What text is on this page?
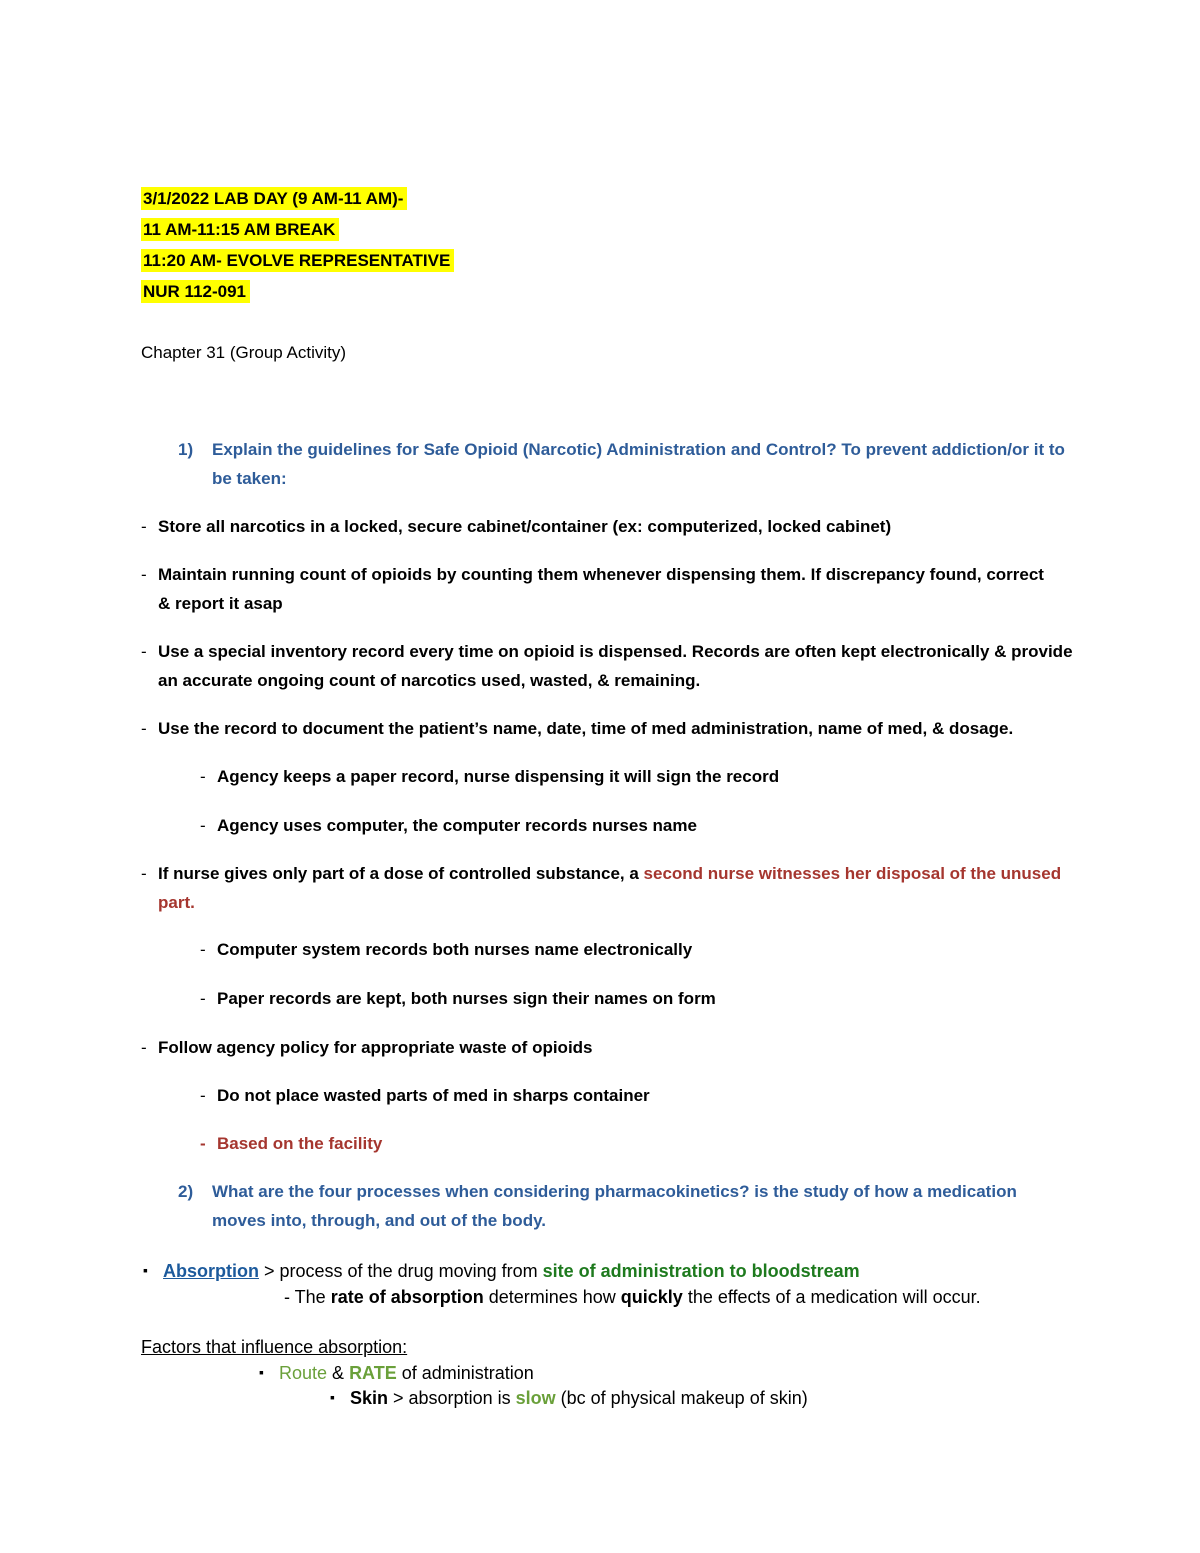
3/1/2022 LAB DAY (9 AM-11 AM)-
11 AM-11:15 AM BREAK
11:20 AM- EVOLVE REPRESENTATIVE
NUR 112-091
Chapter 31 (Group Activity)
1) Explain the guidelines for Safe Opioid (Narcotic) Administration and Control? To prevent addiction/or it to
be taken:
- Store all narcotics in a locked, secure cabinet/container (ex: computerized, locked cabinet)
- Maintain running count of opioids by counting them whenever dispensing them. If discrepancy found, correct
& report it asap
- Use a special inventory record every time on opioid is dispensed. Records are often kept electronically & provide
an accurate ongoing count of narcotics used, wasted, & remaining.
- Use the record to document the patient’s name, date, time of med administration, name of med, & dosage.
- Agency keeps a paper record, nurse dispensing it will sign the record
- Agency uses computer, the computer records nurses name
- If nurse gives only part of a dose of controlled substance, a second nurse witnesses her disposal of the unused
part.
- Computer system records both nurses name electronically
- Paper records are kept, both nurses sign their names on form
- Follow agency policy for appropriate waste of opioids
- Do not place wasted parts of med in sharps container
- Based on the facility
2) What are the four processes when considering pharmacokinetics? is the study of how a medication
moves into, through, and out of the body.
▪ Absorption > process of the drug moving from site of administration to bloodstream
- The rate of absorption determines how quickly the effects of a medication will occur.
Factors that influence absorption:
▪ Route & RATE of administration
▪ Skin > absorption is slow (bc of physical makeup of skin)
